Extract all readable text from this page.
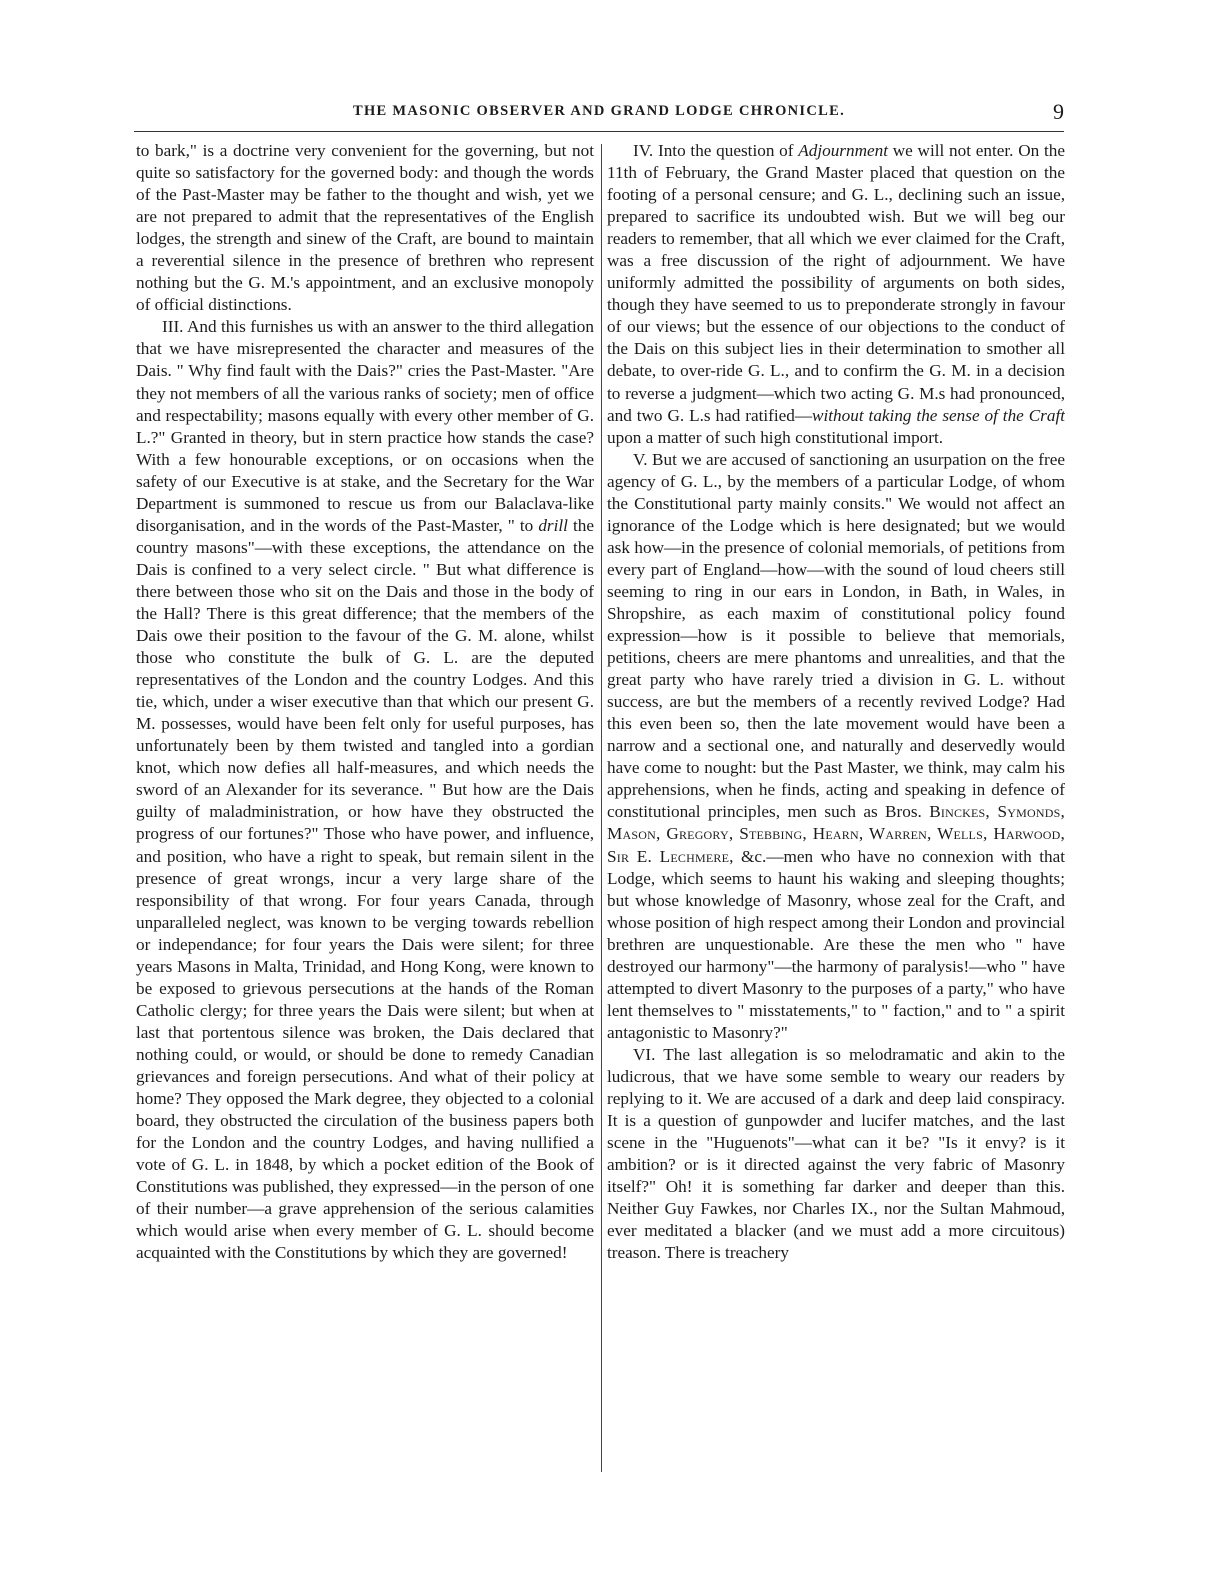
THE MASONIC OBSERVER AND GRAND LODGE CHRONICLE.	9

to bark," is a doctrine very convenient for the governing, but not quite so satisfactory for the governed body: and though the words of the Past-Master may be father to the thought and wish, yet we are not prepared to admit that the representatives of the English lodges, the strength and sinew of the Craft, are bound to maintain a reverential silence in the presence of brethren who represent nothing but the G. M.'s appointment, and an exclusive monopoly of official distinctions.

III. And this furnishes us with an answer to the third allegation that we have misrepresented the character and measures of the Dais. " Why find fault with the Dais?" cries the Past-Master. "Are they not members of all the various ranks of society; men of office and respectability; masons equally with every other member of G. L.?" Granted in theory, but in stern practice how stands the case? With a few honourable exceptions, or on occasions when the safety of our Executive is at stake, and the Secretary for the War Department is summoned to rescue us from our Balaclava-like disorganisation, and in the words of the Past-Master, " to drill the country masons"—with these exceptions, the attendance on the Dais is confined to a very select circle. " But what difference is there between those who sit on the Dais and those in the body of the Hall? There is this great difference; that the members of the Dais owe their position to the favour of the G. M. alone, whilst those who constitute the bulk of G. L. are the deputed representatives of the London and the country Lodges. And this tie, which, under a wiser executive than that which our present G. M. possesses, would have been felt only for useful purposes, has unfortunately been by them twisted and tangled into a gordian knot, which now defies all half-measures, and which needs the sword of an Alexander for its severance. " But how are the Dais guilty of maladministration, or how have they obstructed the progress of our fortunes?" Those who have power, and influence, and position, who have a right to speak, but remain silent in the presence of great wrongs, incur a very large share of the responsibility of that wrong. For four years Canada, through unparalleled neglect, was known to be verging towards rebellion or independance; for four years the Dais were silent; for three years Masons in Malta, Trinidad, and Hong Kong, were known to be exposed to grievous persecutions at the hands of the Roman Catholic clergy; for three years the Dais were silent; but when at last that portentous silence was broken, the Dais declared that nothing could, or would, or should be done to remedy Canadian grievances and foreign persecutions. And what of their policy at home? They opposed the Mark degree, they objected to a colonial board, they obstructed the circulation of the business papers both for the London and the country Lodges, and having nullified a vote of G. L. in 1848, by which a pocket edition of the Book of Constitutions was published, they expressed—in the person of one of their number—a grave apprehension of the serious calamities which would arise when every member of G. L. should become acquainted with the Constitutions by which they are governed!

IV. Into the question of Adjournment we will not enter. On the 11th of February, the Grand Master placed that question on the footing of a personal censure; and G. L., declining such an issue, prepared to sacrifice its undoubted wish. But we will beg our readers to remember, that all which we ever claimed for the Craft, was a free discussion of the right of adjournment. We have uniformly admitted the possibility of arguments on both sides, though they have seemed to us to preponderate strongly in favour of our views; but the essence of our objections to the conduct of the Dais on this subject lies in their determination to smother all debate, to over-ride G. L., and to confirm the G. M. in a decision to reverse a judgment—which two acting G. M.s had pronounced, and two G. L.s had ratified—without taking the sense of the Craft upon a matter of such high constitutional import.

V. But we are accused of sanctioning an usurpation on the free agency of G. L., by the members of a particular Lodge, of whom the Constitutional party mainly consits." We would not affect an ignorance of the Lodge which is here designated; but we would ask how—in the presence of colonial memorials, of petitions from every part of England—how—with the sound of loud cheers still seeming to ring in our ears in London, in Bath, in Wales, in Shropshire, as each maxim of constitutional policy found expression—how is it possible to believe that memorials, petitions, cheers are mere phantoms and unrealities, and that the great party who have rarely tried a division in G. L. without success, are but the members of a recently revived Lodge? Had this even been so, then the late movement would have been a narrow and a sectional one, and naturally and deservedly would have come to nought: but the Past Master, we think, may calm his apprehensions, when he finds, acting and speaking in defence of constitutional principles, men such as Bros. Binckes, Symonds, Mason, Gregory, Stebbing, Hearn, Warren, Wells, Harwood, Sir E. Lechmere, &c.—men who have no connexion with that Lodge, which seems to haunt his waking and sleeping thoughts; but whose knowledge of Masonry, whose zeal for the Craft, and whose position of high respect among their London and provincial brethren are unquestionable. Are these the men who " have destroyed our harmony"—the harmony of paralysis!—who " have attempted to divert Masonry to the purposes of a party," who have lent themselves to " misstatements," to " faction," and to " a spirit antagonistic to Masonry?"

VI. The last allegation is so melodramatic and akin to the ludicrous, that we have some semble to weary our readers by replying to it. We are accused of a dark and deep laid conspiracy. It is a question of gunpowder and lucifer matches, and the last scene in the "Huguenots"—what can it be? "Is it envy? is it ambition? or is it directed against the very fabric of Masonry itself?" Oh! it is something far darker and deeper than this. Neither Guy Fawkes, nor Charles IX., nor the Sultan Mahmoud, ever meditated a blacker (and we must add a more circuitous) treason. There is treachery
